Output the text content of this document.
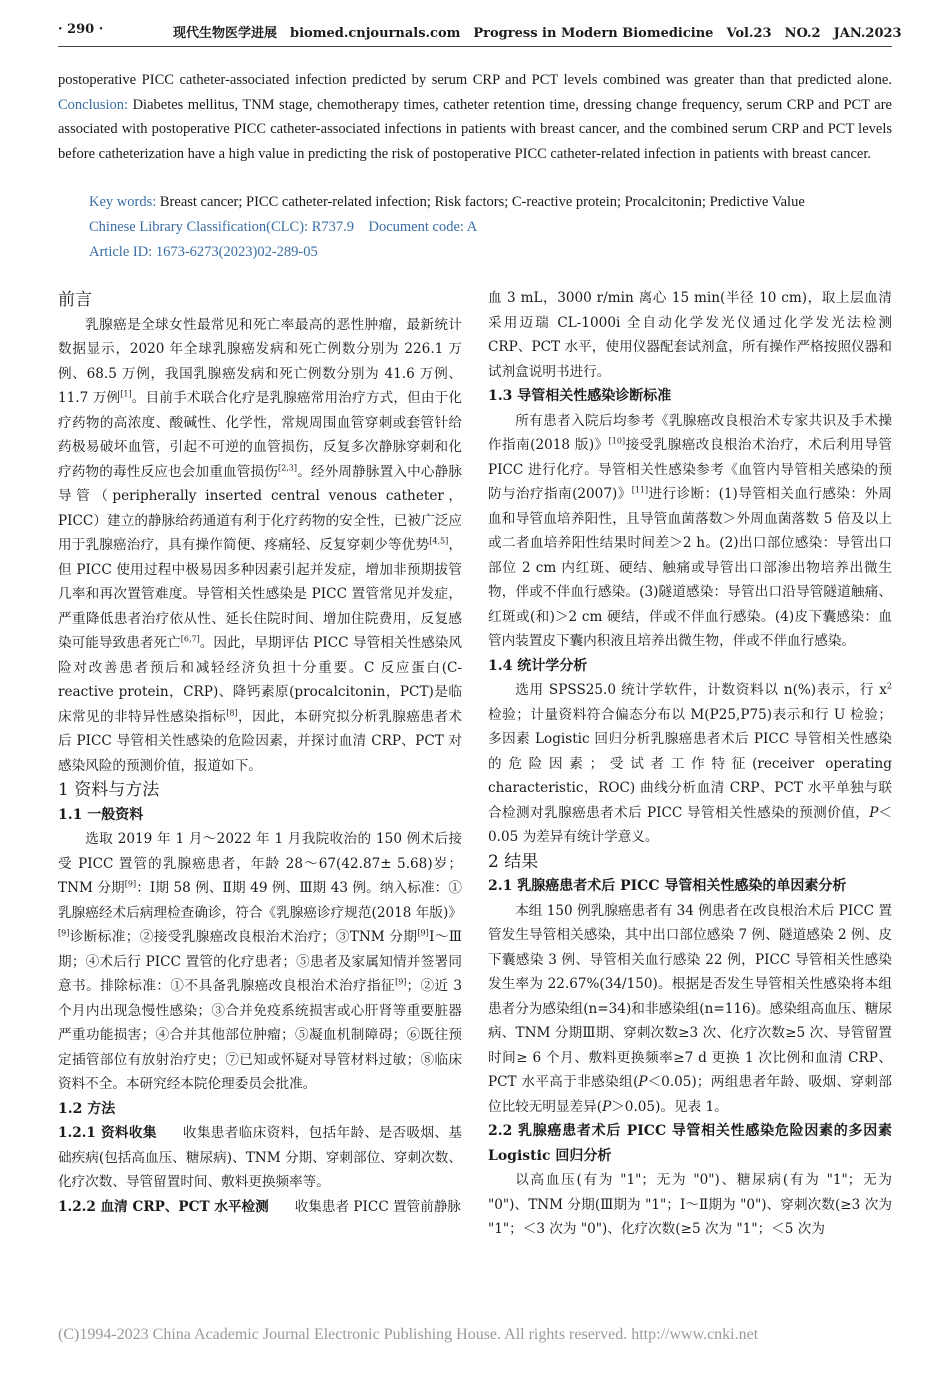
· 290 ·	现代生物医学进展　biomed.cnjournals.com　Progress in Modern Biomedicine　Vol.23　NO.2　JAN.2023

postoperative PICC catheter-associated infection predicted by serum CRP and PCT levels combined was greater than that predicted alone. Conclusion: Diabetes mellitus, TNM stage, chemotherapy times, catheter retention time, dressing change frequency, serum CRP and PCT are associated with postoperative PICC catheter-associated infections in patients with breast cancer, and the combined serum CRP and PCT levels before catheterization have a high value in predicting the risk of postoperative PICC catheter-related infection in patients with breast cancer.

Key words: Breast cancer; PICC catheter-related infection; Risk factors; C-reactive protein; Procalcitonin; Predictive Value
Chinese Library Classification(CLC): R737.9 Document code: A
Article ID: 1673-6273(2023)02-289-05

前言

乳腺癌是全球女性最常见和死亡率最高的恶性肿瘤，最新统计数据显示，2020 年全球乳腺癌发病和死亡例数分别为 226.1 万例、68.5 万例，我国乳腺癌发病和死亡例数分别为 41.6 万例、11.7 万例[1]。目前手术联合化疗是乳腺癌常用治疗方式，但由于化疗药物的高浓度、酸碱性、化学性，常规周围血管穿刺或套管针给药极易破坏血管，引起不可逆的血管损伤，反复多次静脉穿刺和化疗药物的毒性反应也会加重血管损伤[2,3]。经外周静脉置入中心静脉导管（peripherally inserted central venous catheter，PICC）建立的静脉给药通道有利于化疗药物的安全性，已被广泛应用于乳腺癌治疗，具有操作简便、疼痛轻、反复穿刺少等优势[4,5]，但 PICC 使用过程中极易因多种因素引起并发症，增加非预期拔管几率和再次置管难度。导管相关性感染是 PICC 置管常见并发症，严重降低患者治疗依从性、延长住院时间、增加住院费用，反复感染可能导致患者死亡[6,7]。因此，早期评估 PICC 导管相关性感染风险对改善患者预后和减轻经济负担十分重要。C 反应蛋白(C-reactive protein，CRP)、降钙素原(procalcitonin，PCT)是临床常见的非特异性感染指标[8]，因此，本研究拟分析乳腺癌患者术后 PICC 导管相关性感染的危险因素，并探讨血清 CRP、PCT 对感染风险的预测价值，报道如下。

1 资料与方法

1.1 一般资料

选取 2019 年 1 月～2022 年 1 月我院收治的 150 例术后接受 PICC 置管的乳腺癌患者，年龄 28～67(42.87± 5.68)岁；TNM 分期[9]：Ⅰ期 58 例、Ⅱ期 49 例、Ⅲ期 43 例。纳入标准：①乳腺癌经术后病理检查确诊，符合《乳腺癌诊疗规范(2018 年版)》[9]诊断标准；②接受乳腺癌改良根治术治疗；③TNM 分期[9]Ⅰ～Ⅲ期；④术后行 PICC 置管的化疗患者；⑤患者及家属知情并签署同意书。排除标准：①不具备乳腺癌改良根治术治疗指征[9]；②近 3 个月内出现急慢性感染；③合并免疫系统损害或心肝肾等重要脏器严重功能损害；④合并其他部位肿瘤；⑤凝血机制障碍；⑥既往预定插管部位有放射治疗史；⑦已知或怀疑对导管材料过敏；⑧临床资料不全。本研究经本院伦理委员会批准。

1.2 方法

1.2.1 资料收集 收集患者临床资料，包括年龄、是否吸烟、基础疾病(包括高血压、糖尿病)、TNM 分期、穿刺部位、穿刺次数、化疗次数、导管留置时间、敷料更换频率等。

1.2.2 血清 CRP、PCT 水平检测 收集患者 PICC 置管前静脉

血 3 mL，3000 r/min 离心 15 min(半径 10 cm)，取上层血清采用迈瑞 CL-1000i 全自动化学发光仪通过化学发光法检测 CRP、PCT 水平，使用仪器配套试剂盒，所有操作严格按照仪器和试剂盒说明书进行。

1.3 导管相关性感染诊断标准

所有患者入院后均参考《乳腺癌改良根治术专家共识及手术操作指南(2018 版)》[10]接受乳腺癌改良根治术治疗，术后利用导管 PICC 进行化疗。导管相关性感染参考《血管内导管相关感染的预防与治疗指南(2007)》[11]进行诊断：(1)导管相关血行感染：外周血和导管血培养阳性，且导管血菌落数＞外周血菌落数 5 倍及以上或二者血培养阳性结果时间差＞2 h。(2)出口部位感染：导管出口部位 2 cm 内红斑、硬结、触痛或导管出口部渗出物培养出微生物，伴或不伴血行感染。(3)隧道感染：导管出口沿导管隧道触痛、红斑或(和)＞2 cm 硬结，伴或不伴血行感染。(4)皮下囊感染：血管内装置皮下囊内积液且培养出微生物，伴或不伴血行感染。

1.4 统计学分析

选用 SPSS25.0 统计学软件，计数资料以 n(%)表示，行 $x^2$ 检验；计量资料符合偏态分布以 M(P25,P75)表示和行 U 检验；多因素 Logistic 回归分析乳腺癌患者术后 PICC 导管相关性感染的危险因素；受试者工作特征(receiver operating characteristic，ROC) 曲线分析血清 CRP、PCT 水平单独与联合检测对乳腺癌患者术后 PICC 导管相关性感染的预测价值，P＜0.05 为差异有统计学意义。

2 结果

2.1 乳腺癌患者术后 PICC 导管相关性感染的单因素分析

本组 150 例乳腺癌患者有 34 例患者在改良根治术后 PICC 置管发生导管相关感染，其中出口部位感染 7 例、隧道感染 2 例、皮下囊感染 3 例、导管相关血行感染 22 例，PICC 导管相关性感染发生率为 22.67%(34/150)。根据是否发生导管相关性感染将本组患者分为感染组(n=34)和非感染组(n=116)。感染组高血压、糖尿病、TNM 分期Ⅲ期、穿刺次数≥3 次、化疗次数≥5 次、导管留置时间≥ 6 个月、敷料更换频率≥7 d 更换 1 次比例和血清 CRP、PCT 水平高于非感染组(P＜0.05)；两组患者年龄、吸烟、穿刺部位比较无明显差异(P＞0.05)。见表 1。

2.2 乳腺癌患者术后 PICC 导管相关性感染危险因素的多因素 Logistic 回归分析

以高血压(有为 "1"；无为 "0")、糖尿病(有为 "1"；无为 "0")、TNM 分期(Ⅲ期为 "1"；Ⅰ～Ⅱ期为 "0")、穿刺次数(≥3 次为 "1"；＜3 次为 "0")、化疗次数(≥5 次为 "1"；＜5 次为

(C)1994-2023 China Academic Journal Electronic Publishing House. All rights reserved. http://www.cnki.net
